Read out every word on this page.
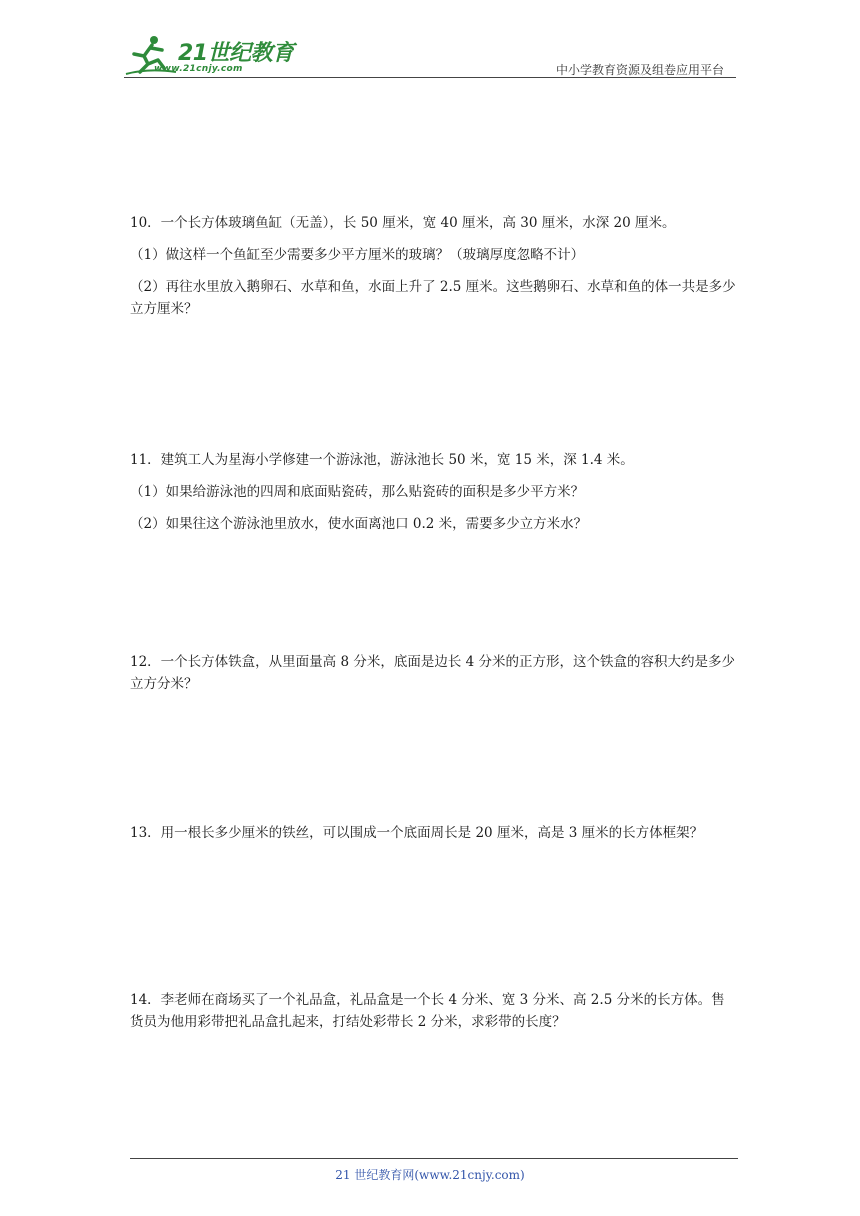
21世纪教育
www.21cnjy.com	中小学教育资源及组卷应用平台

10．一个长方体玻璃鱼缸（无盖），长 50 厘米，宽 40 厘米，高 30 厘米，水深 20 厘米。

（1）做这样一个鱼缸至少需要多少平方厘米的玻璃？（玻璃厚度忽略不计）

（2）再往水里放入鹅卵石、水草和鱼，水面上升了 2.5 厘米。这些鹅卵石、水草和鱼的体一共是多少立方厘米？

11．建筑工人为星海小学修建一个游泳池，游泳池长 50 米，宽 15 米，深 1.4 米。

（1）如果给游泳池的四周和底面贴瓷砖，那么贴瓷砖的面积是多少平方米？

（2）如果往这个游泳池里放水，使水面离池口 0.2 米，需要多少立方米水？

12．一个长方体铁盒，从里面量高 8 分米，底面是边长 4 分米的正方形，这个铁盒的容积大约是多少立方分米？

13．用一根长多少厘米的铁丝，可以围成一个底面周长是 20 厘米，高是 3 厘米的长方体框架？

14．李老师在商场买了一个礼品盒，礼品盒是一个长 4 分米、宽 3 分米、高 2.5 分米的长方体。售货员为他用彩带把礼品盒扎起来，打结处彩带长 2 分米，求彩带的长度？

21 世纪教育网(www.21cnjy.com)
